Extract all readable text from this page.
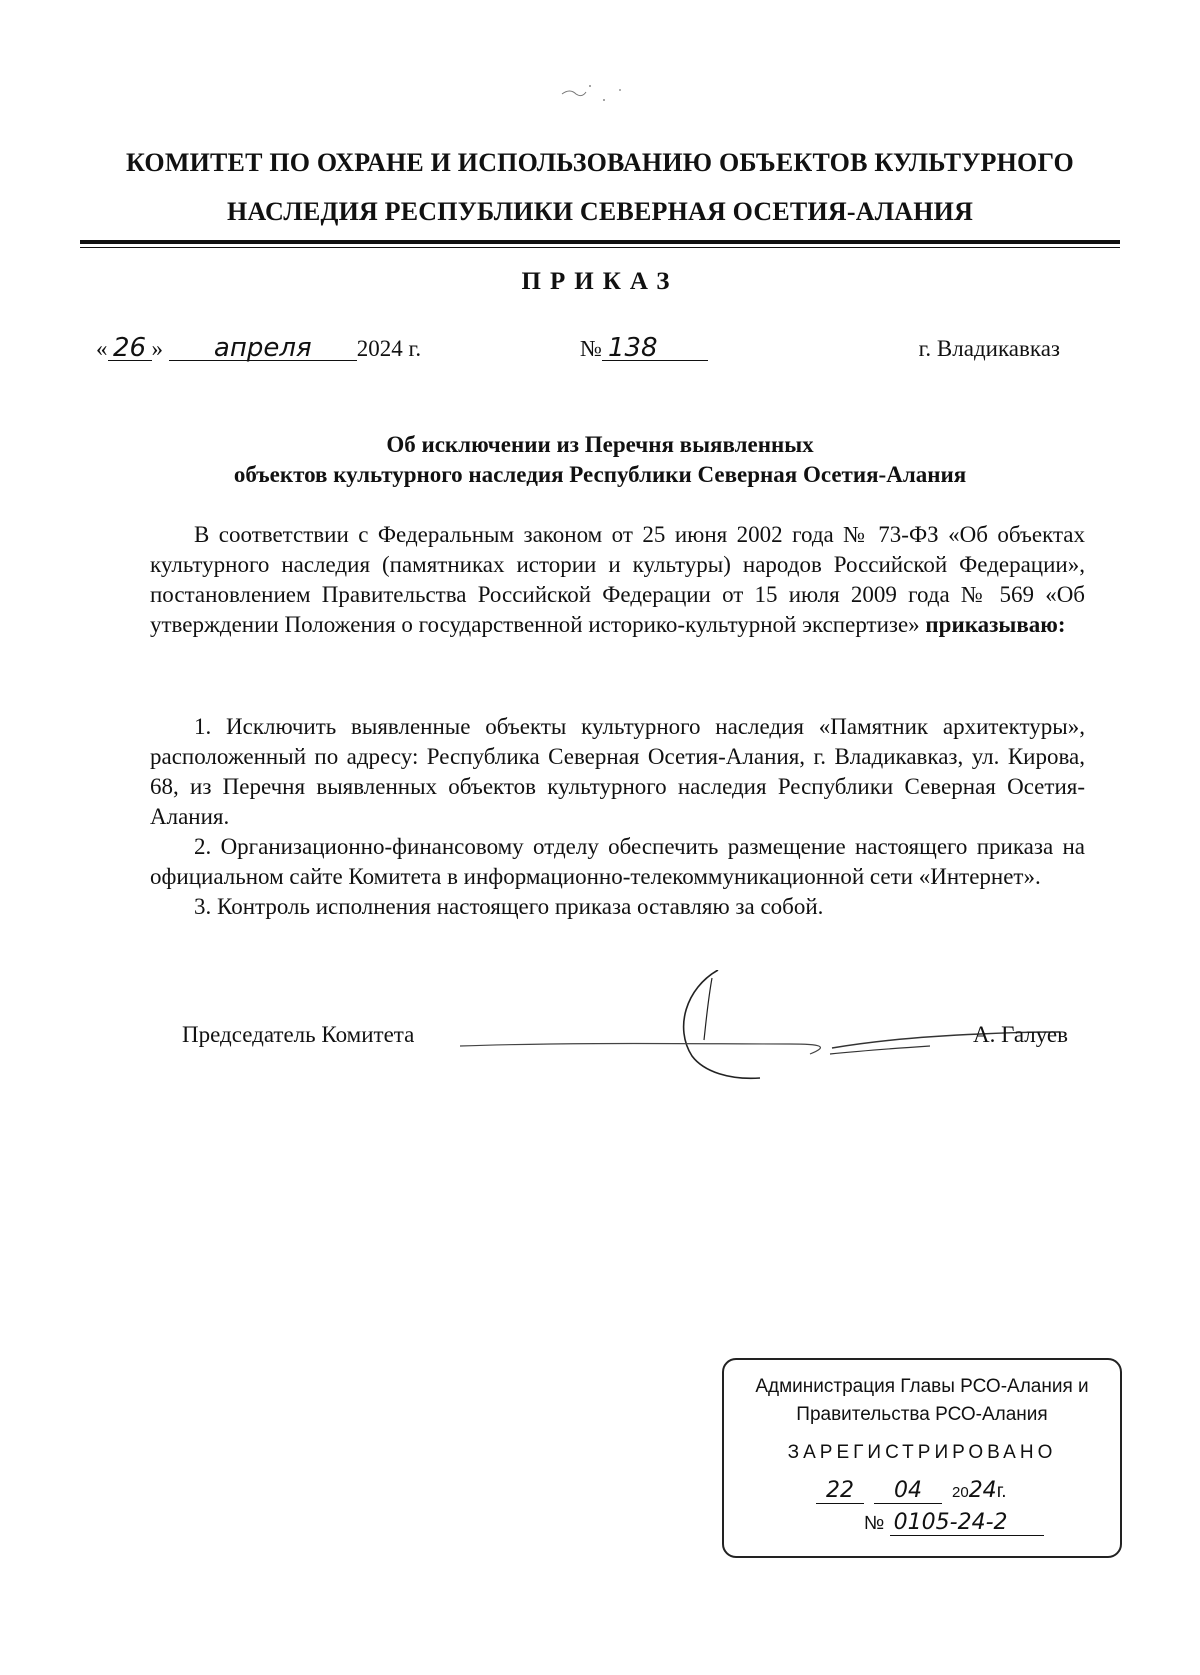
КОМИТЕТ ПО ОХРАНЕ И ИСПОЛЬЗОВАНИЮ ОБЪЕКТОВ КУЛЬТУРНОГО
НАСЛЕДИЯ РЕСПУБЛИКИ СЕВЕРНАЯ ОСЕТИЯ-АЛАНИЯ
ПРИКАЗ
« 26 » апреля 2024 г.	№ 138	г. Владикавказ
Об исключении из Перечня выявленных
объектов культурного наследия Республики Северная Осетия-Алания

В соответствии с Федеральным законом от 25 июня 2002 года № 73-ФЗ «Об объектах культурного наследия (памятниках истории и культуры) народов Российской Федерации», постановлением Правительства Российской Федерации от 15 июля 2009 года № 569 «Об утверждении Положения о государственной историко-культурной экспертизе» приказываю:

1. Исключить выявленные объекты культурного наследия «Памятник архитектуры», расположенный по адресу: Республика Северная Осетия-Алания, г. Владикавказ, ул. Кирова, 68, из Перечня выявленных объектов культурного наследия Республики Северная Осетия-Алания.

2. Организационно-финансовому отделу обеспечить размещение настоящего приказа на официальном сайте Комитета в информационно-телекоммуникационной сети «Интернет».

3. Контроль исполнения настоящего приказа оставляю за собой.

Председатель Комитета	А. Галуев
Администрация Главы РСО-Алания и
Правительства РСО-Алания
ЗАРЕГИСТРИРОВАНО
22 04 2024г.
№ 0105-24-2
